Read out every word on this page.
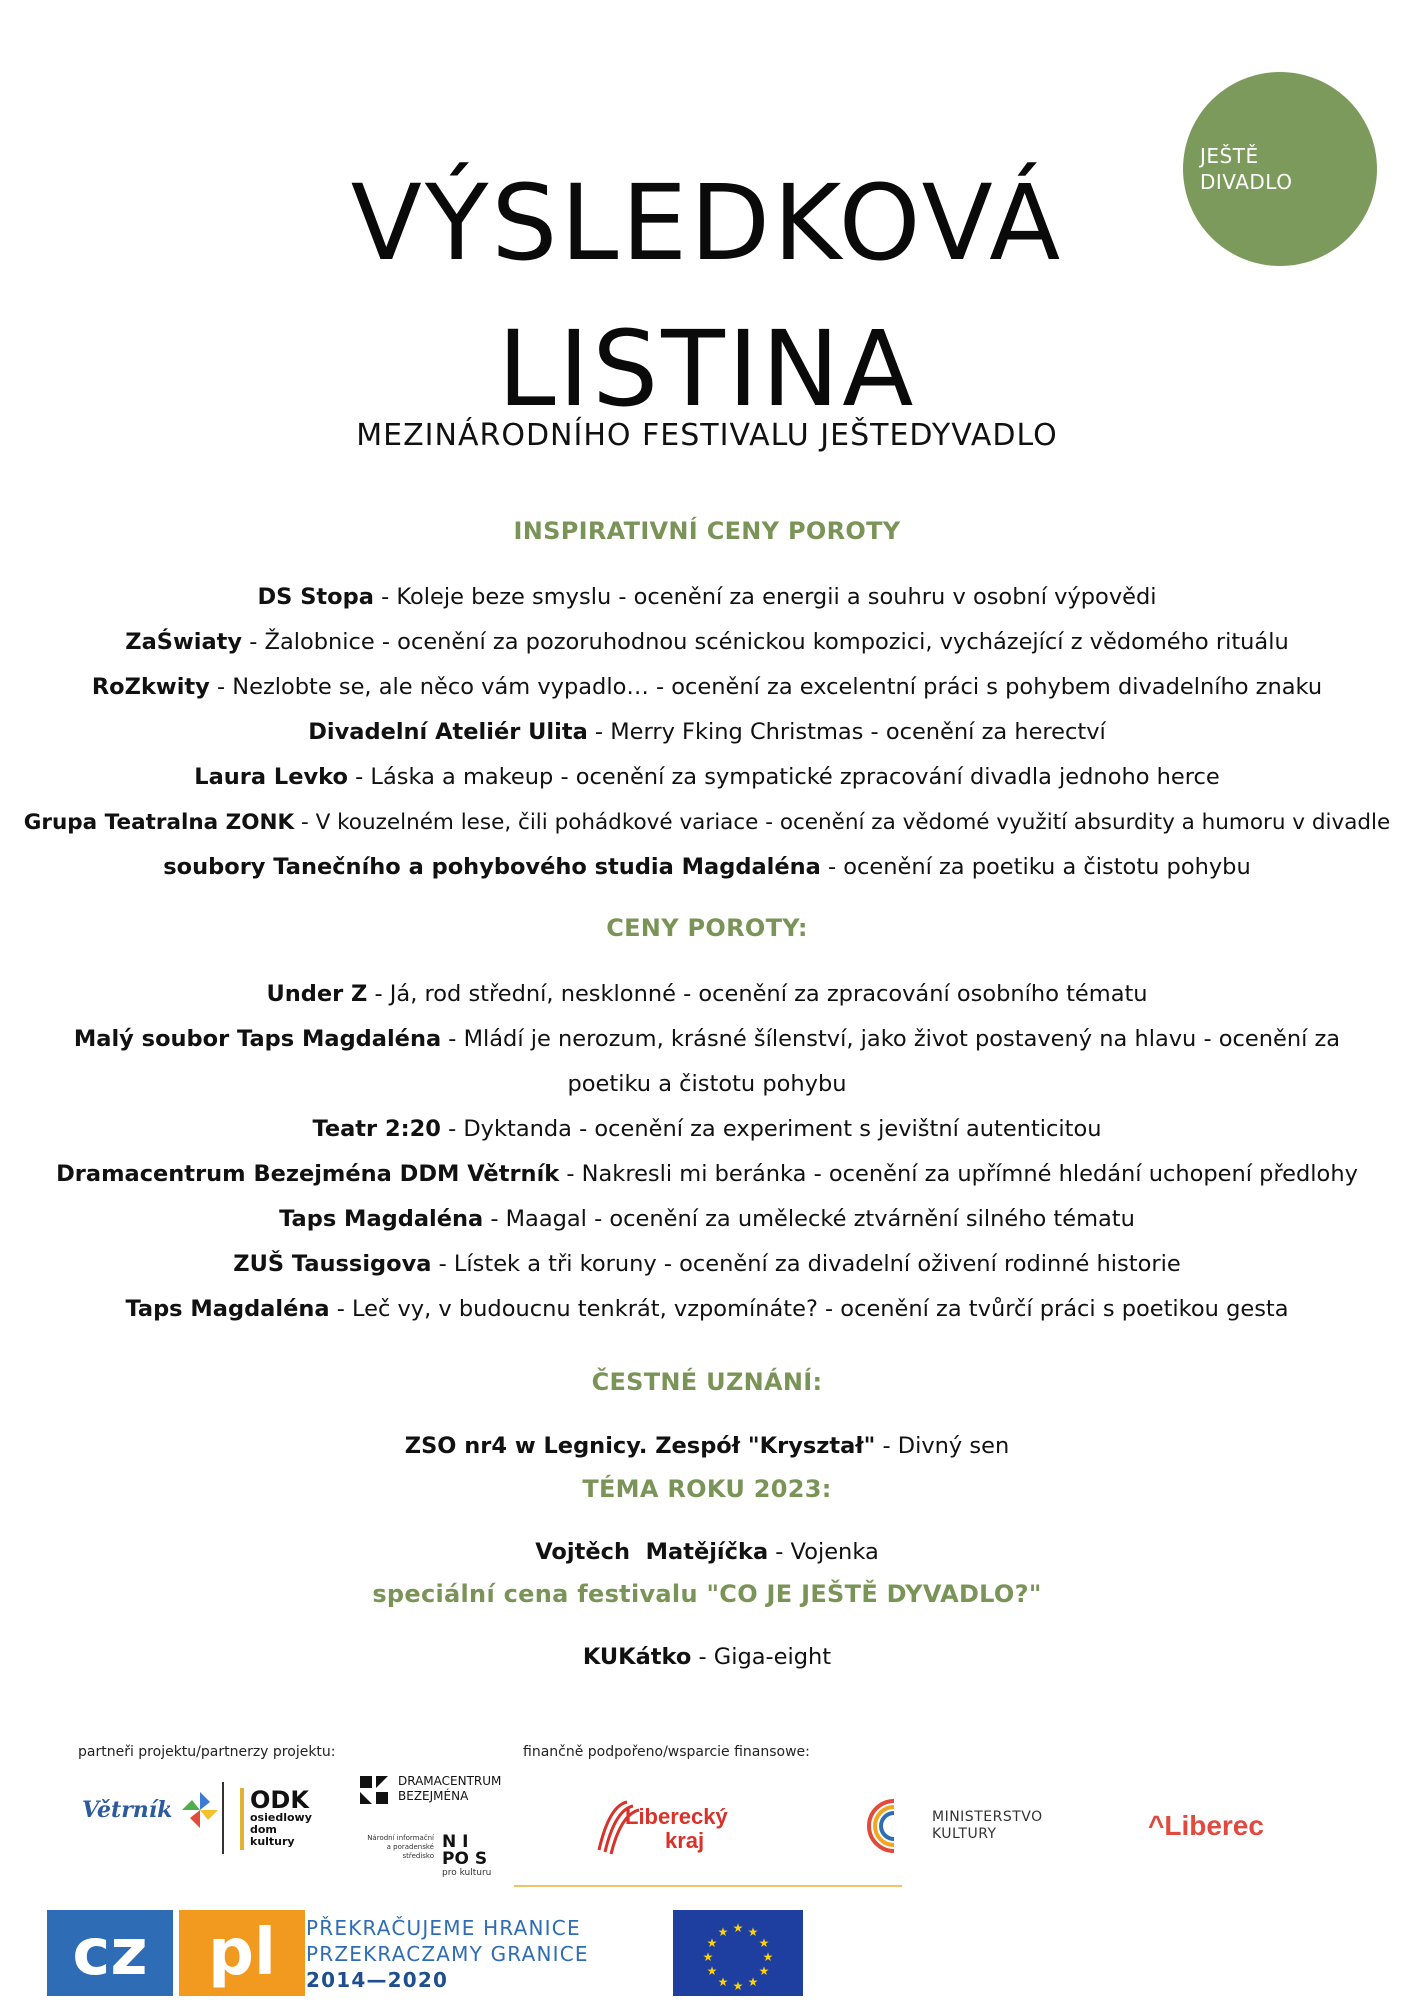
JEŠTĚ
DIVADLO
VÝSLEDKOVÁ
LISTINA
MEZINÁRODNÍHO FESTIVALU JEŠTEDYVADLO
INSPIRATIVNÍ CENY POROTY
DS Stopa - Koleje beze smyslu - ocenění za energii a souhru v osobní výpovědi
ZaŚwiaty - Žalobnice - ocenění za pozoruhodnou scénickou kompozici, vycházející z vědomého rituálu
RoZkwity - Nezlobte se, ale něco vám vypadlo… - ocenění za excelentní práci s pohybem divadelního znaku
Divadelní Ateliér Ulita - Merry Fking Christmas - ocenění za herectví
Laura Levko - Láska a makeup - ocenění za sympatické zpracování divadla jednoho herce
Grupa Teatralna ZONK - V kouzelném lese, čili pohádkové variace - ocenění za vědomé využití absurdity a humoru v divadle
soubory Tanečního a pohybového studia Magdaléna - ocenění za poetiku a čistotu pohybu
CENY POROTY:
Under Z - Já, rod střední, nesklonné - ocenění za zpracování osobního tématu
Malý soubor Taps Magdaléna - Mládí je nerozum, krásné šílenství, jako život postavený na hlavu - ocenění za poetiku a čistotu pohybu
Teatr 2:20 - Dyktanda - ocenění za experiment s jevištní autenticitou
Dramacentrum Bezejména DDM Větrník - Nakresli mi beránka - ocenění za upřímné hledání uchopení předlohy
Taps Magdaléna - Maagal - ocenění za umělecké ztvárnění silného tématu
ZUŠ Taussigova - Lístek a tři koruny - ocenění za divadelní oživení rodinné historie
Taps Magdaléna - Leč vy, v budoucnu tenkrát, vzpomínáte? - ocenění za tvůrčí práci s poetikou gesta
ČESTNÉ UZNÁNÍ:
ZSO nr4 w Legnicy. Zespół "Kryształ" - Divný sen
TÉMA ROKU 2023:
Vojtěch  Matějíčka - Vojenka
speciální cena festivalu "CO JE JEŠTĚ DYVADLO?"
KUKátko - Giga-eight
partneři projektu/partnerzy projektu:	finančně podpořeno/wsparcie finansowe:
Větrník	ODK
osiedlowy
dom
kultury
DRAMACENTRUM
BEZEJMÉNA
Národní informační
a poradenské
středisko
N I
PO S
pro kulturu
Liberecký
kraj
MINISTERSTVO
KULTURY	^Liberec
cz pl	PŘEKRAČUJEME HRANICE
PRZEKRACZAMY GRANICE
2014—2020
★ ★
★
★
★
★
★
★
★
★
★
★
